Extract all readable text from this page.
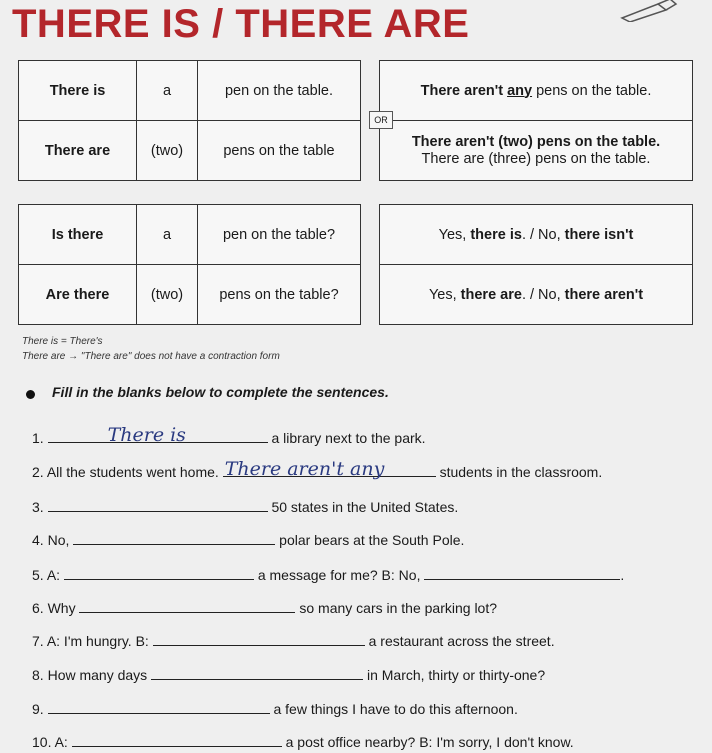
THERE IS / THERE ARE
There is	a	pen on the table.
There are	(two)	pens on the table
There aren't any pens on the table.

There aren't (two) pens on the table.
There are (three) pens on the table.
OR
Is there	a	pen on the table?
Are there	(two)	pens on the table?
Yes, there is. / No, there isn't
Yes, there are. / No, there aren't
There is = There's
There are → "There are" does not have a contraction form
Fill in the blanks below to complete the sentences.
1.	There is	a library next to the park.
2. All the students went home. There aren't any	students in the classroom.
3.	50 states in the United States.
4. No,	polar bears at the South Pole.
5. A:	a message for me? B: No,	.
6. Why	so many cars in the parking lot?
7. A: I'm hungry. B:	a restaurant across the street.
8. How many days	in March, thirty or thirty-one?
9.	a few things I have to do this afternoon.
10. A:	a post office nearby? B: I'm sorry, I don't know.
